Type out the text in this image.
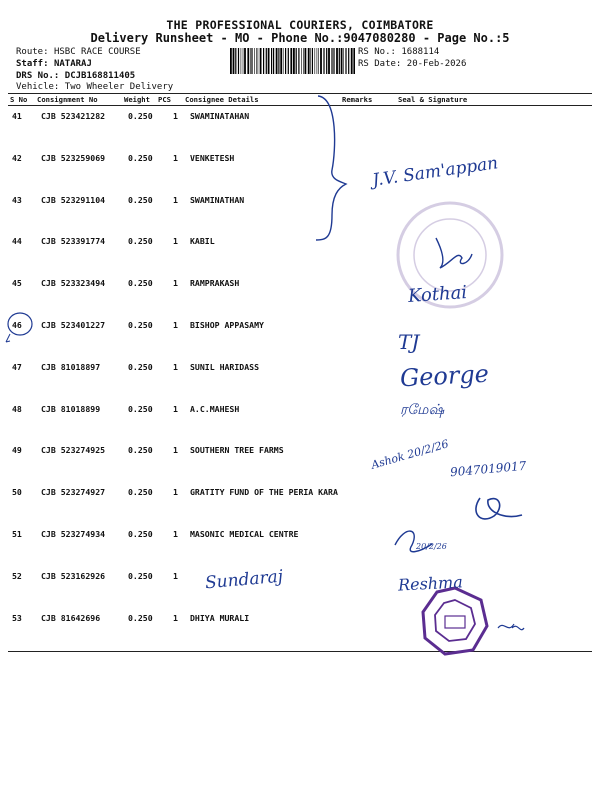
THE PROFESSIONAL COURIERS, COIMBATORE
Delivery Runsheet - MO - Phone No.:9047080280 - Page No.:5
Route: HSBC RACE COURSE
Staff: NATARAJ
DRS No.: DCJB168811405
Vehicle: Two Wheeler Delivery
RS No.: 1688114
RS Date: 20-Feb-2026
S No Consignment No	Weight PCS Consignee Details	Remarks	Seal & Signature
41 CJB 523421282	0.250 1 SWAMINATAHAN
42 CJB 523259069	0.250 1 VENKETESH
43 CJB 523291104	0.250 1 SWAMINATHAN
44 CJB 523391774	0.250 1 KABIL
45 CJB 523323494	0.250 1 RAMPRAKASH
46 CJB 523401227	0.250 1 BISHOP APPASAMY
47 CJB 81018897	0.250 1 SUNIL HARIDASS
48 CJB 81018899	0.250 1 A.C.MAHESH
49 CJB 523274925	0.250 1 SOUTHERN TREE FARMS
50 CJB 523274927	0.250 1 GRATITY FUND OF THE PERIA KARA
51 CJB 523274934	0.250 1 MASONIC MEDICAL CENTRE
52 CJB 523162926	0.250 1
53 CJB 81642696	0.250 1 DHIYA MURALI
J.V. Sam'appan
Kothai
TJ
George
ரமேஷ்
Ashok 20/2/26 9047019017
20/2/26
Sundaraj	Reshma
